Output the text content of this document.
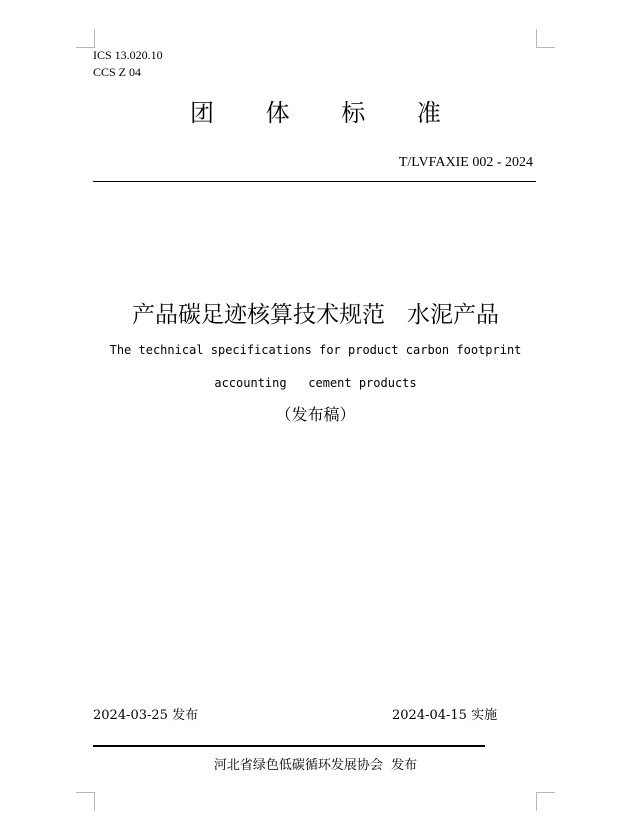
ICS 13.020.10
CCS Z 04
团 体 标 准
T/LVFAXIE 002 - 2024
产品碳足迹核算技术规范   水泥产品
The technical specifications for product carbon footprint
accounting   cement products
（发布稿）
2024-03-25 发布	2024-04-15 实施
河北省绿色低碳循环发展协会  发布
